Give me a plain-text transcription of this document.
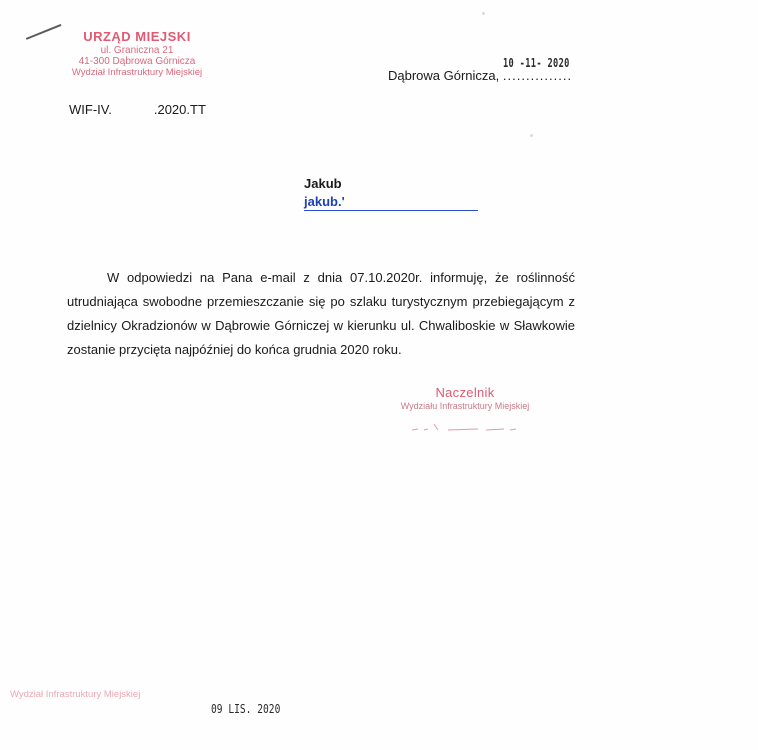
URZĄD MIEJSKI
ul. Graniczna 21
41-300 Dąbrowa Górnicza
Wydział Infrastruktury Miejskiej
10 -11- 2020
Dąbrowa Górnicza, ...............
WIF-IV.	.2020.TT
Jakub
jakub.'

W odpowiedzi na Pana e-mail z dnia 07.10.2020r. informuję, że roślinność utrudniająca swobodne przemieszczanie się po szlaku turystycznym przebiegającym z dzielnicy Okradzionów w Dąbrowie Górniczej w kierunku ul. Chwaliboskie w Sławkowie zostanie przycięta najpóźniej do końca grudnia 2020 roku.

Naczelnik
Wydziału Infrastruktury Miejskiej
Wydział Infrastruktury Miejskiej
09 LIS. 2020
